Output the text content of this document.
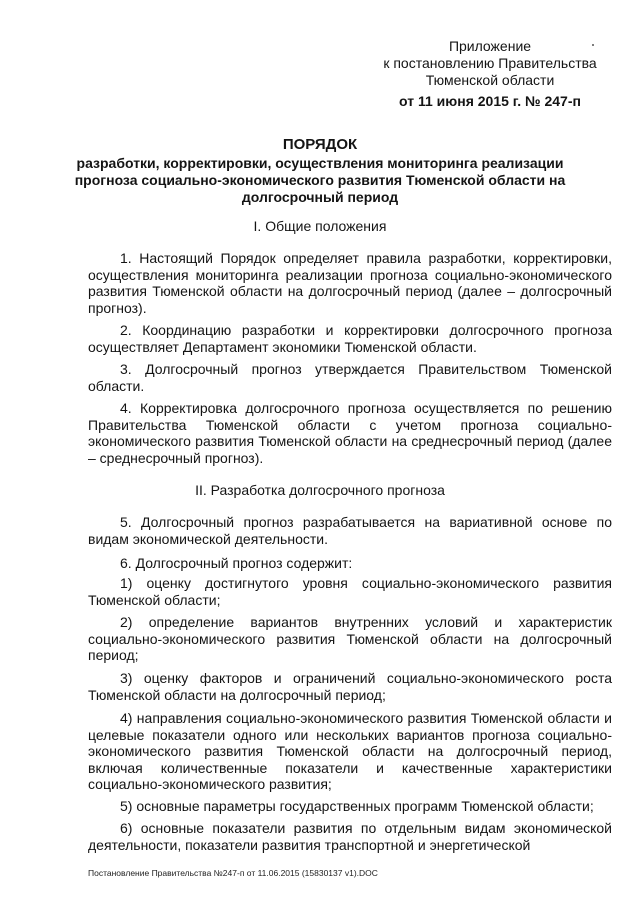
Приложение
к постановлению Правительства
Тюменской области
от 11 июня 2015 г. № 247-п
ПОРЯДОК
разработки, корректировки, осуществления мониторинга реализации прогноза социально-экономического развития Тюменской области на долгосрочный период
I. Общие положения
1. Настоящий Порядок определяет правила разработки, корректировки, осуществления мониторинга реализации прогноза социально-экономического развития Тюменской области на долгосрочный период (далее – долгосрочный прогноз).
2. Координацию разработки и корректировки долгосрочного прогноза осуществляет Департамент экономики Тюменской области.
3. Долгосрочный прогноз утверждается Правительством Тюменской области.
4. Корректировка долгосрочного прогноза осуществляется по решению Правительства Тюменской области с учетом прогноза социально-экономического развития Тюменской области на среднесрочный период (далее – среднесрочный прогноз).
II. Разработка долгосрочного прогноза
5. Долгосрочный прогноз разрабатывается на вариативной основе по видам экономической деятельности.
6. Долгосрочный прогноз содержит:
1) оценку достигнутого уровня социально-экономического развития Тюменской области;
2) определение вариантов внутренних условий и характеристик социально-экономического развития Тюменской области на долгосрочный период;
3) оценку факторов и ограничений социально-экономического роста Тюменской области на долгосрочный период;
4) направления социально-экономического развития Тюменской области и целевые показатели одного или нескольких вариантов прогноза социально-экономического развития Тюменской области на долгосрочный период, включая количественные показатели и качественные характеристики социально-экономического развития;
5) основные параметры государственных программ Тюменской области;
6) основные показатели развития по отдельным видам экономической деятельности, показатели развития транспортной и энергетической
Постановление Правительства №247-п от 11.06.2015 (15830137 v1).DOC
